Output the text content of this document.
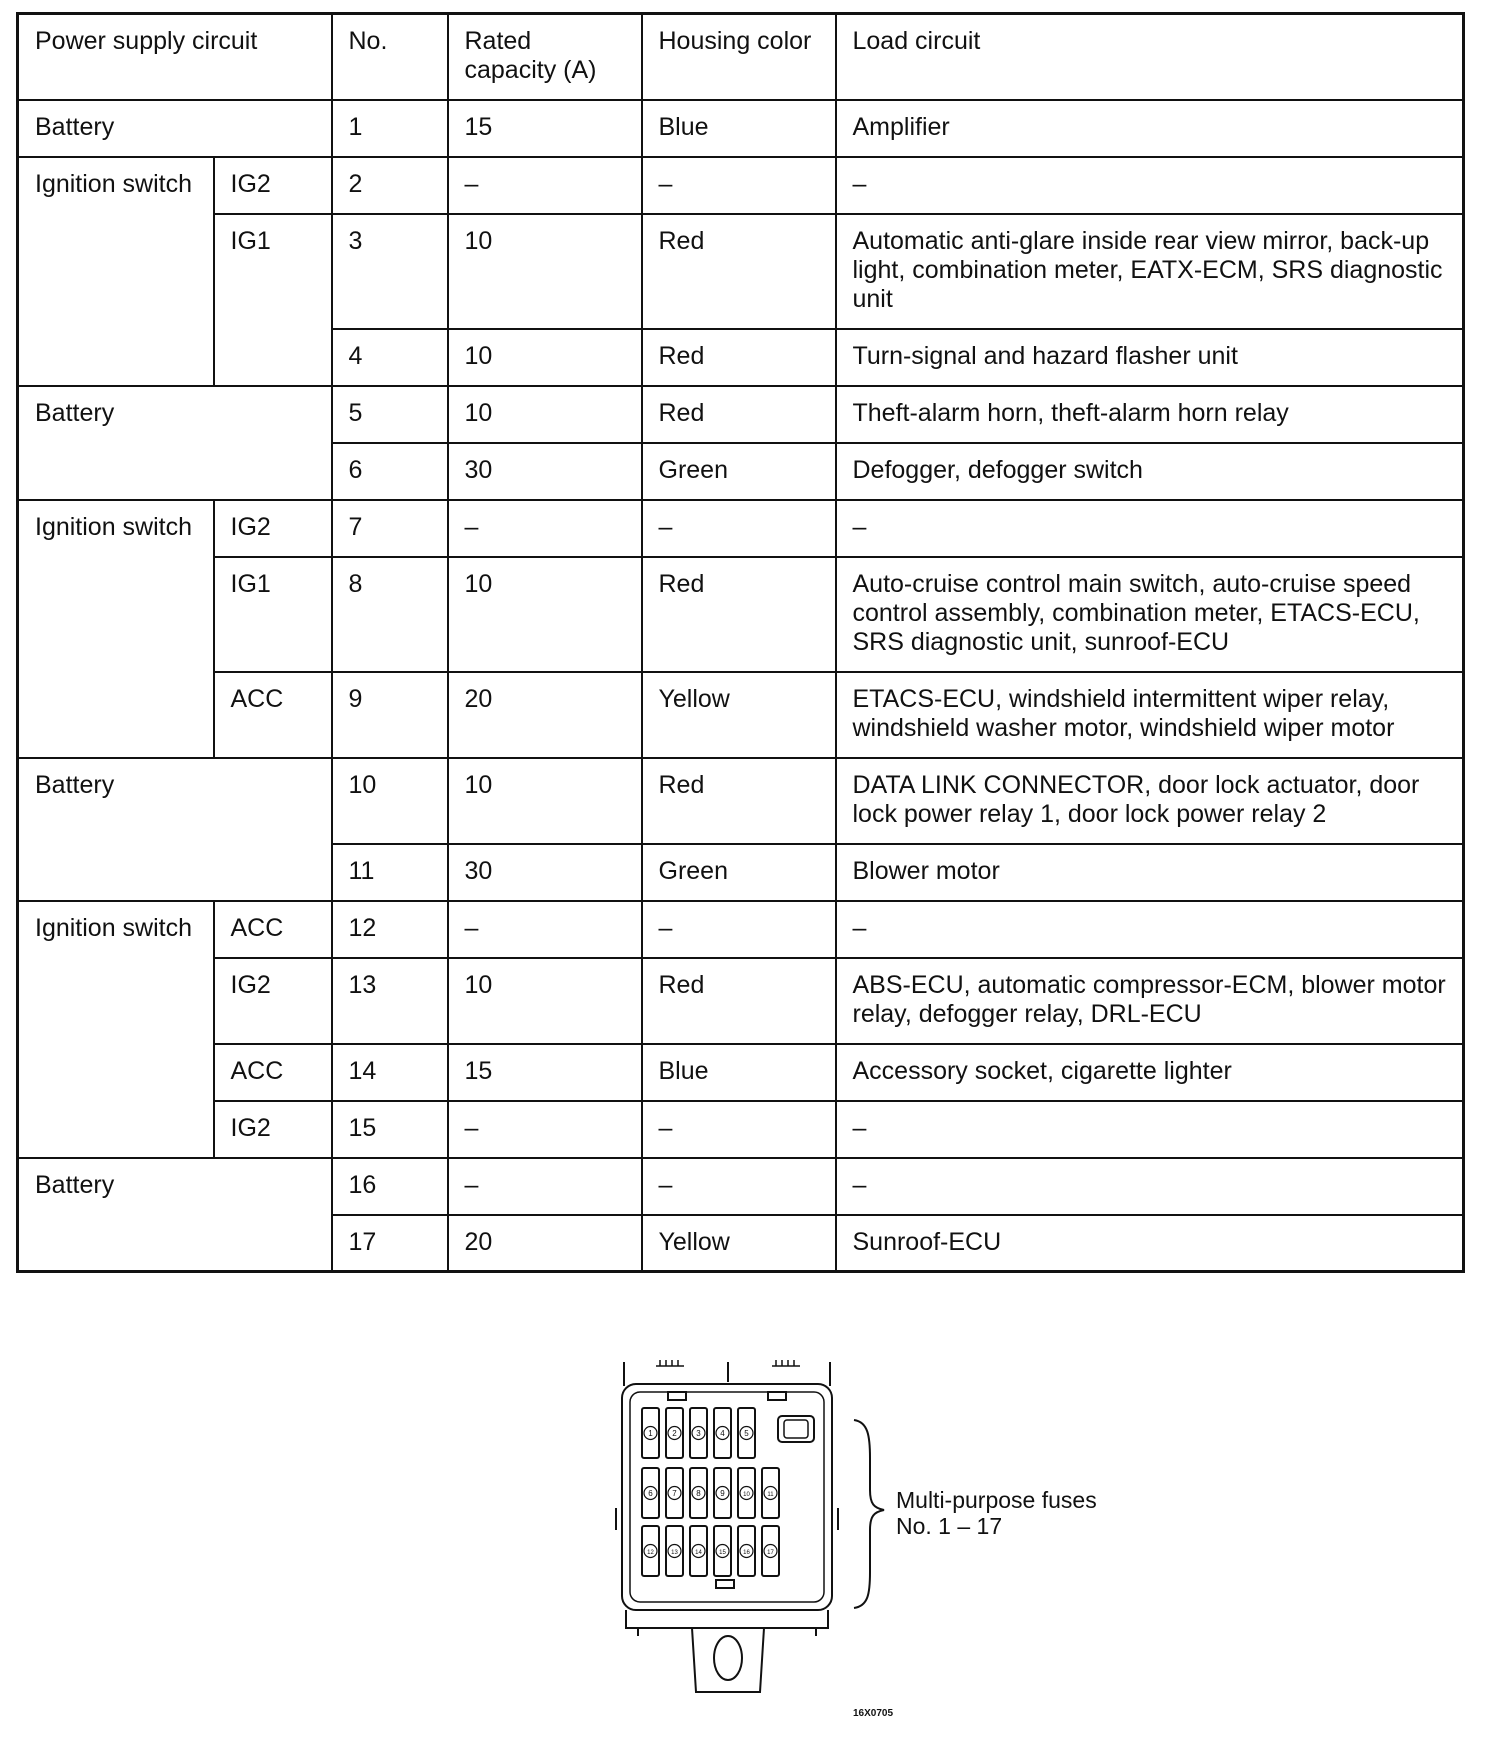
Power supply circuit		No.	Rated capacity (A)	Housing color	Load circuit
Battery		1	15	Blue	Amplifier
Ignition switch	IG2	2	–	–	–
	IG1	3	10	Red	Automatic anti-glare inside rear view mirror, back-up light, combination meter, EATX-ECM, SRS diagnostic unit
		4	10	Red	Turn-signal and hazard flasher unit
Battery		5	10	Red	Theft-alarm horn, theft-alarm horn relay
		6	30	Green	Defogger, defogger switch
Ignition switch	IG2	7	–	–	–
	IG1	8	10	Red	Auto-cruise control main switch, auto-cruise speed control assembly, combination meter, ETACS-ECU, SRS diagnostic unit, sunroof-ECU
	ACC	9	20	Yellow	ETACS-ECU, windshield intermittent wiper relay, windshield washer motor, windshield wiper motor
Battery		10	10	Red	DATA LINK CONNECTOR, door lock actuator, door lock power relay 1, door lock power relay 2
		11	30	Green	Blower motor
Ignition switch	ACC	12	–	–	–
	IG2	13	10	Red	ABS-ECU, automatic compressor-ECM, blower motor relay, defogger relay, DRL-ECU
	ACC	14	15	Blue	Accessory socket, cigarette lighter
	IG2	15	–	–	–
Battery		16	–	–	–
		17	20	Yellow	Sunroof-ECU
1 2 3 4 5
6 7 8 9	10	11
12	13	14	15	16	17
Multi-purpose fuses
No. 1 – 17
16X0705
